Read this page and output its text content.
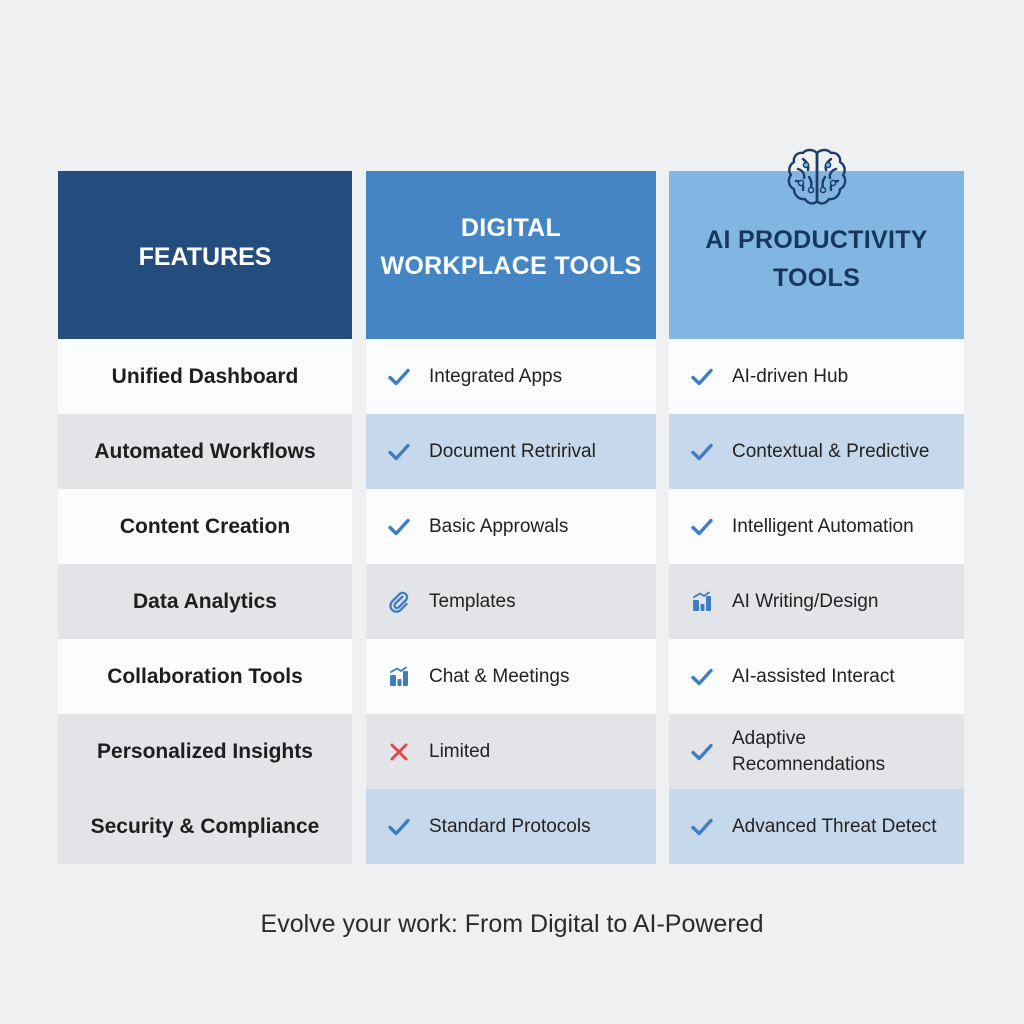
FEATURES
Unified Dashboard
Automated Workflows
Content Creation
Data Analytics
Collaboration Tools
Personalized Insights
Security & Compliance
DIGITAL WORKPLACE TOOLS
Integrated Apps
Document Retririval
Basic Approwals
Templates
Chat & Meetings
Limited
Standard Protocols
AI PRODUCTIVITY TOOLS
AI-driven Hub
Contextual & Predictive
Intelligent Automation
AI Writing/Design
AI-assisted Interact
Adaptive Recomnendations
Advanced Threat Detect
Evolve your work: From Digital to AI-Powered
